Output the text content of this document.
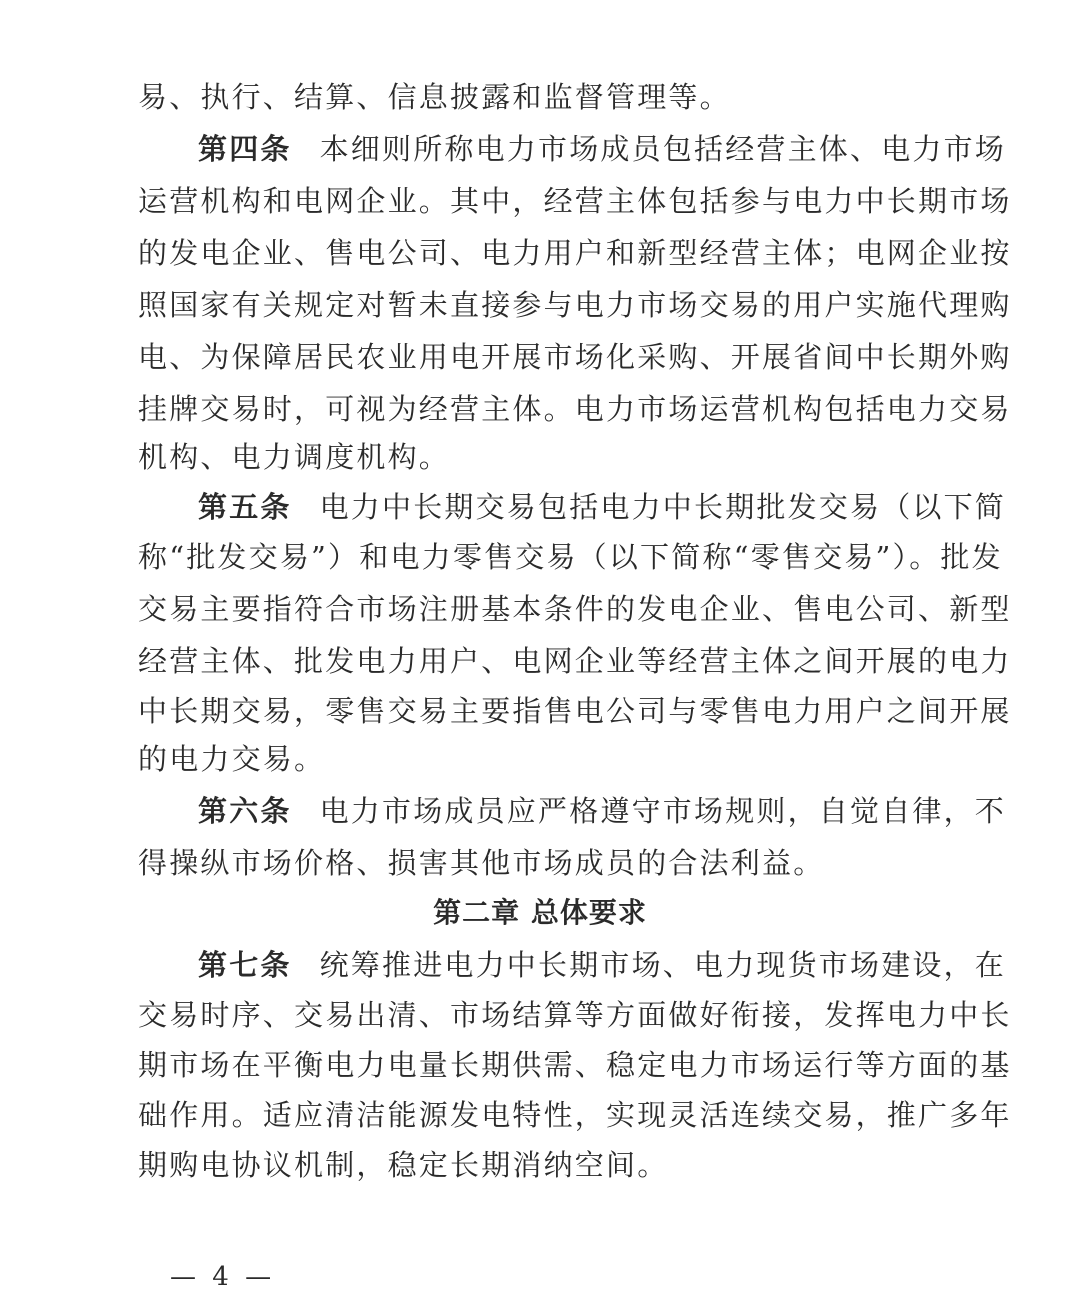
易、执行、结算、信息披露和监督管理等。
第四条 本细则所称电力市场成员包括经营主体、电力市场
运营机构和电网企业。其中，经营主体包括参与电力中长期市场
的发电企业、售电公司、电力用户和新型经营主体；电网企业按
照国家有关规定对暂未直接参与电力市场交易的用户实施代理购
电、为保障居民农业用电开展市场化采购、开展省间中长期外购
挂牌交易时，可视为经营主体。电力市场运营机构包括电力交易
机构、电力调度机构。
第五条 电力中长期交易包括电力中长期批发交易（以下简
称“批发交易”）和电力零售交易（以下简称“零售交易”）。批发
交易主要指符合市场注册基本条件的发电企业、售电公司、新型
经营主体、批发电力用户、电网企业等经营主体之间开展的电力
中长期交易，零售交易主要指售电公司与零售电力用户之间开展
的电力交易。
第六条 电力市场成员应严格遵守市场规则，自觉自律，不
得操纵市场价格、损害其他市场成员的合法利益。
第二章 总体要求
第七条 统筹推进电力中长期市场、电力现货市场建设，在
交易时序、交易出清、市场结算等方面做好衔接，发挥电力中长
期市场在平衡电力电量长期供需、稳定电力市场运行等方面的基
础作用。适应清洁能源发电特性，实现灵活连续交易，推广多年
期购电协议机制，稳定长期消纳空间。
— 4 —
